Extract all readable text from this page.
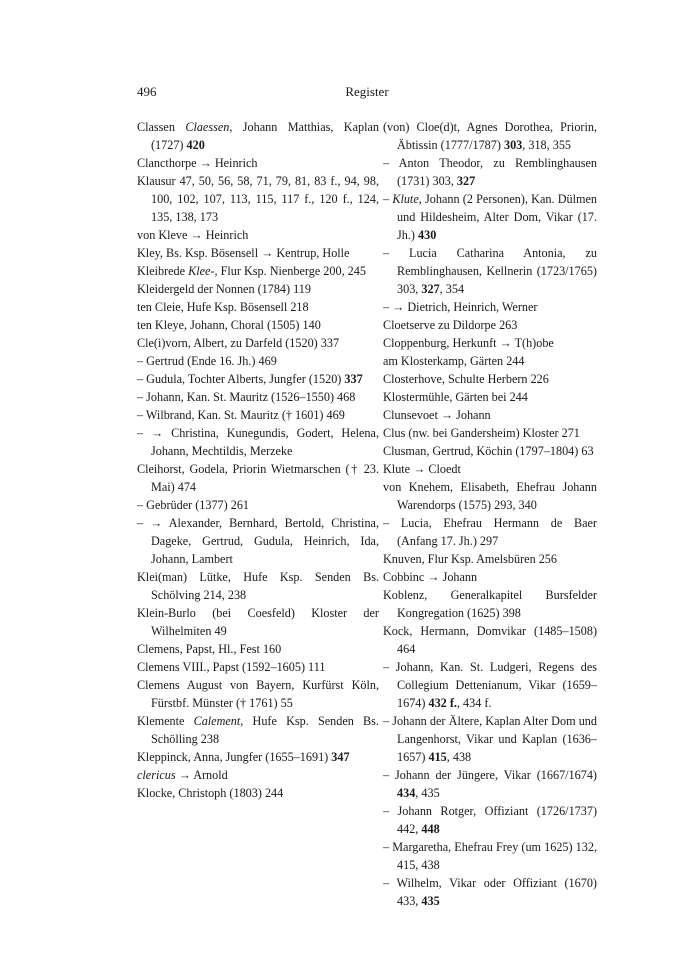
496	Register

Classen Claessen, Johann Matthias, Kaplan (1727) 420

Clancthorpe → Heinrich

Klausur 47, 50, 56, 58, 71, 79, 81, 83 f., 94, 98, 100, 102, 107, 113, 115, 117 f., 120 f., 124, 135, 138, 173

von Kleve → Heinrich

Kley, Bs. Ksp. Bösensell → Kentrup, Holle

Kleibrede Klee-, Flur Ksp. Nienberge 200, 245

Kleidergeld der Nonnen (1784) 119

ten Cleie, Hufe Ksp. Bösensell 218

ten Kleye, Johann, Choral (1505) 140

Cle(i)vorn, Albert, zu Darfeld (1520) 337

– Gertrud (Ende 16. Jh.) 469

– Gudula, Tochter Alberts, Jungfer (1520) 337

– Johann, Kan. St. Mauritz (1526–1550) 468

– Wilbrand, Kan. St. Mauritz († 1601) 469

– → Christina, Kunegundis, Godert, Helena, Johann, Mechtildis, Merzeke

Cleihorst, Godela, Priorin Wietmarschen († 23. Mai) 474

– Gebrüder (1377) 261

– → Alexander, Bernhard, Bertold, Christina, Dageke, Gertrud, Gudula, Heinrich, Ida, Johann, Lambert

Klei(man) Lütke, Hufe Ksp. Senden Bs. Schölving 214, 238

Klein-Burlo (bei Coesfeld) Kloster der Wilhelmiten 49

Clemens, Papst, Hl., Fest 160

Clemens VIII., Papst (1592–1605) 111

Clemens August von Bayern, Kurfürst Köln, Fürstbf. Münster († 1761) 55

Klemente Calement, Hufe Ksp. Senden Bs. Schölling 238

Kleppinck, Anna, Jungfer (1655–1691) 347

clericus → Arnold

Klocke, Christoph (1803) 244

(von) Cloe(d)t, Agnes Dorothea, Priorin, Äbtissin (1777/1787) 303, 318, 355

– Anton Theodor, zu Remblinghausen (1731) 303, 327

– Klute, Johann (2 Personen), Kan. Dülmen und Hildesheim, Alter Dom, Vikar (17. Jh.) 430

– Lucia Catharina Antonia, zu Remblinghausen, Kellnerin (1723/1765) 303, 327, 354

– → Dietrich, Heinrich, Werner

Cloetserve zu Dildorpe 263

Cloppenburg, Herkunft → T(h)obe

am Klosterkamp, Gärten 244

Closterhove, Schulte Herbern 226

Klostermühle, Gärten bei 244

Clunsevoet → Johann

Clus (nw. bei Gandersheim) Kloster 271

Clusman, Gertrud, Köchin (1797–1804) 63

Klute → Cloedt

von Knehem, Elisabeth, Ehefrau Johann Warendorps (1575) 293, 340

– Lucia, Ehefrau Hermann de Baer (Anfang 17. Jh.) 297

Knuven, Flur Ksp. Amelsbüren 256

Cobbinc → Johann

Koblenz, Generalkapitel Bursfelder Kongregation (1625) 398

Kock, Hermann, Domvikar (1485–1508) 464

– Johann, Kan. St. Ludgeri, Regens des Collegium Dettenianum, Vikar (1659–1674) 432 f., 434 f.

– Johann der Ältere, Kaplan Alter Dom und Langenhorst, Vikar und Kaplan (1636–1657) 415, 438

– Johann der Jüngere, Vikar (1667/1674) 434, 435

– Johann Rotger, Offiziant (1726/1737) 442, 448

– Margaretha, Ehefrau Frey (um 1625) 132, 415, 438

– Wilhelm, Vikar oder Offiziant (1670) 433, 435
